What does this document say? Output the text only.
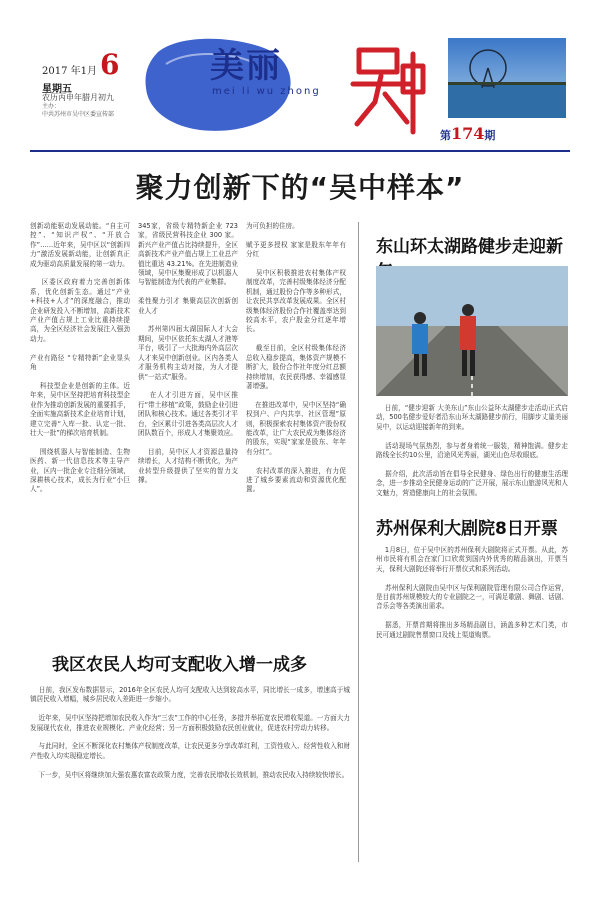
2017 年1月 6
星期五
农历丙申年腊月初九
主办：
中共苏州市吴中区委宣传部
美丽
mei li wu zhong
第174期
聚力创新下的“吴中样本”
创新动能驱动发展动能。“自主可控”、“知识产权”、“开放合作”……近年来，吴中区以“创新四力”激活发展新动能，让创新真正成为驱动高质量发展的第一动力。

区委区政府着力完善创新体系，优化创新生态。通过“产业+科技+人才”的深度融合，推动企业研发投入不断增加，高新技术产业产值占规上工业比重持续提高，为全区经济社会发展注入强劲动力。

产业有路径 “专精特新”企业显头角

科技型企业是创新的主体。近年来，吴中区坚持把培育科技型企业作为推动创新发展的重要抓手，全面实施高新技术企业培育计划，建立完善“入库一批、认定一批、壮大一批”的梯次培育机制。

围绕机器人与智能制造、生物医药、新一代信息技术等主导产业，区内一批企业专注细分领域，深耕核心技术，成长为行业“小巨人”。
345家，省级专精特新企业 723 家，省级民营科技企业 300 家。新兴产业产值占比持续提升，全区高新技术产业产值占规上工业总产值比重达 43.21%。在先进制造业领域，吴中区集聚形成了以机器人与智能制造为代表的产业集群。

柔性聚力引才 集聚高层次创新创业人才

苏州第四届太湖国际人才大会期间，吴中区依托东太湖人才港等平台，吸引了一大批海内外高层次人才来吴中创新创业。区内各类人才服务机构主动对接，为人才提供“一站式”服务。

在人才引进方面，吴中区推行“带土移植”政策，鼓励企业引进团队和核心技术。通过各类引才平台，全区累计引进各类高层次人才团队数百个，形成人才集聚效应。

目前，吴中区人才资源总量持续增长，人才结构不断优化，为产业转型升级提供了坚实的智力支撑。
为可负担的住房。

赋予更多授权 家家是股东年年有分红

吴中区积极推进农村集体产权制度改革，完善村级集体经济分配机制，通过股份合作等多种形式，让农民共享改革发展成果。全区村级集体经济股份合作社覆盖率达到较高水平，农户股金分红逐年增长。

截至目前，全区村级集体经济总收入稳步提高，集体资产规模不断扩大，股份合作社年度分红总额持续增加，农民获得感、幸福感显著增强。

在推进改革中，吴中区坚持“确权到户、户内共享、社区管理”原则，积极探索农村集体资产股份权能改革，让广大农民成为集体经济的股东，实现“家家是股东、年年有分红”。

农村改革的深入推进，有力促进了城乡要素流动和资源优化配置。
东山环太湖路健步走迎新
日前，“健步迎新 大美东山”东山公益环太湖健步走活动正式启动，500名健步爱好者沿东山环太湖路健步前行，用脚步丈量美丽吴中，以运动迎接新年的到来。

活动现场气氛热烈，参与者身着统一服装，精神饱满。健步走路线全长约10公里，沿途风光秀丽，湖光山色尽收眼底。

据介绍，此次活动旨在倡导全民健身、绿色出行的健康生活理念，进一步推动全民健身运动的广泛开展，展示东山旅游风光和人文魅力，营造健康向上的社会氛围。
我区农民人均可支配收入增一成多
日前，我区发布数据显示，2016年全区农民人均可支配收入达到较高水平，同比增长一成多，增速高于城镇居民收入增幅，城乡居民收入差距进一步缩小。

近年来，吴中区坚持把增加农民收入作为“三农”工作的中心任务，多措并举拓宽农民增收渠道。一方面大力发展现代农业，推进农业规模化、产业化经营；另一方面积极鼓励农民创业就业，促进农村劳动力转移。

与此同时，全区不断深化农村集体产权制度改革，让农民更多分享改革红利，工资性收入、经营性收入和财产性收入均实现稳定增长。

下一步，吴中区将继续加大强农惠农富农政策力度，完善农民增收长效机制，推动农民收入持续较快增长。
苏州保利大剧院8日开票
1月8日，位于吴中区的苏州保利大剧院将正式开票。从此，苏州市民将有机会在家门口欣赏到国内外优秀的精品演出，开票当天，保利大剧院还将举行开票仪式和系列活动。

苏州保利大剧院由吴中区与保利剧院管理有限公司合作运营，是目前苏州规模较大的专业剧院之一，可满足歌剧、舞剧、话剧、音乐会等各类演出需求。

据悉，开票首期将推出多场精品剧目，涵盖多种艺术门类，市民可通过剧院售票窗口及线上渠道购票。
